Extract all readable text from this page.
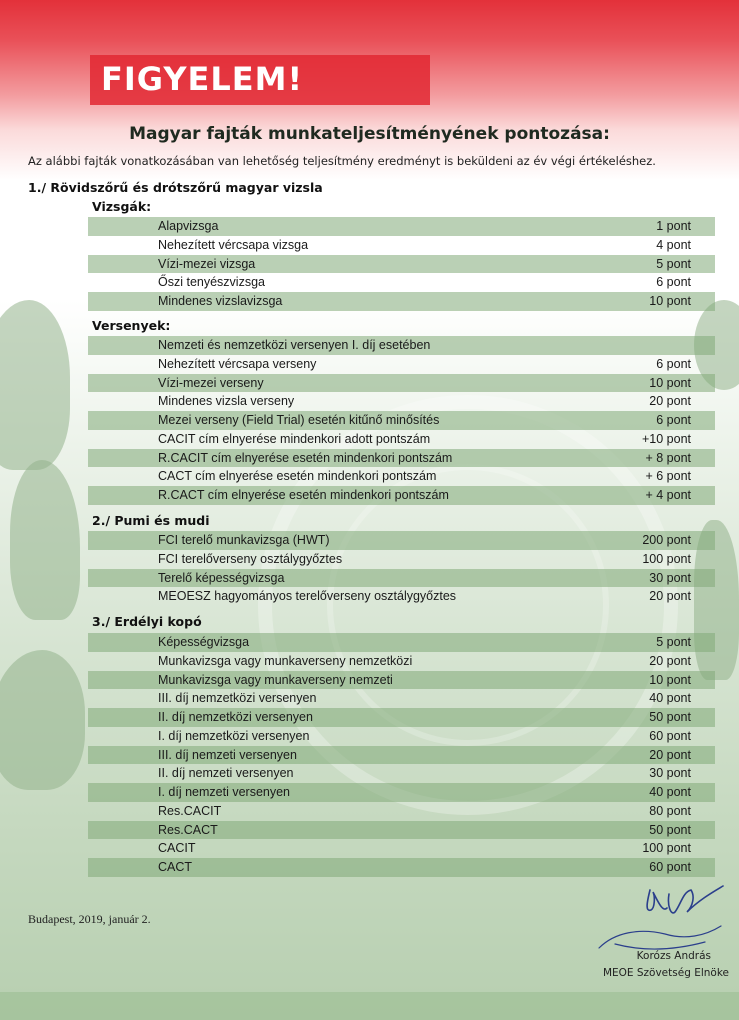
FIGYELEM!
Magyar fajták munkateljesítményének pontozása:
Az alábbi fajták vonatkozásában van lehetőség teljesítmény eredményt is beküldeni az év végi értékeléshez.
1./ Rövidszőrű és drótszőrű magyar vizsla
Vizsgák:
Alapvizsga	1 pont
Nehezített vércsapa vizsga	4 pont
Vízi-mezei vizsga	5 pont
Őszi tenyészvizsga	6 pont
Mindenes vizslavizsga	10 pont
Versenyek:
Nemzeti és nemzetközi versenyen I. díj esetében
Nehezített vércsapa verseny	6 pont
Vízi-mezei verseny	10 pont
Mindenes vizsla verseny	20 pont
Mezei verseny (Field Trial) esetén kitűnő minősítés	6 pont
CACIT cím elnyerése mindenkori adott pontszám	+10 pont
R.CACIT cím elnyerése esetén mindenkori pontszám	+ 8 pont
CACT cím elnyerése esetén mindenkori pontszám	+ 6 pont
R.CACT cím elnyerése esetén mindenkori pontszám	+ 4 pont
2./ Pumi és mudi
FCI terelő munkavizsga (HWT)	200 pont
FCI terelőverseny osztálygyőztes	100 pont
Terelő képességvizsga	30 pont
MEOESZ hagyományos terelőverseny osztálygyőztes	20 pont
3./ Erdélyi kopó
Képességvizsga	5 pont
Munkavizsga vagy munkaverseny nemzetközi	20 pont
Munkavizsga vagy munkaverseny nemzeti	10 pont
III. díj nemzetközi versenyen	40 pont
II. díj nemzetközi versenyen	50 pont
I. díj nemzetközi versenyen	60 pont
III. díj nemzeti versenyen	20 pont
II. díj nemzeti versenyen	30 pont
I. díj nemzeti versenyen	40 pont
Res.CACIT	80 pont
Res.CACT	50 pont
CACIT	100 pont
CACT	60 pont
Budapest, 2019, január 2.
Korózs András
MEOE Szövetség Elnöke
